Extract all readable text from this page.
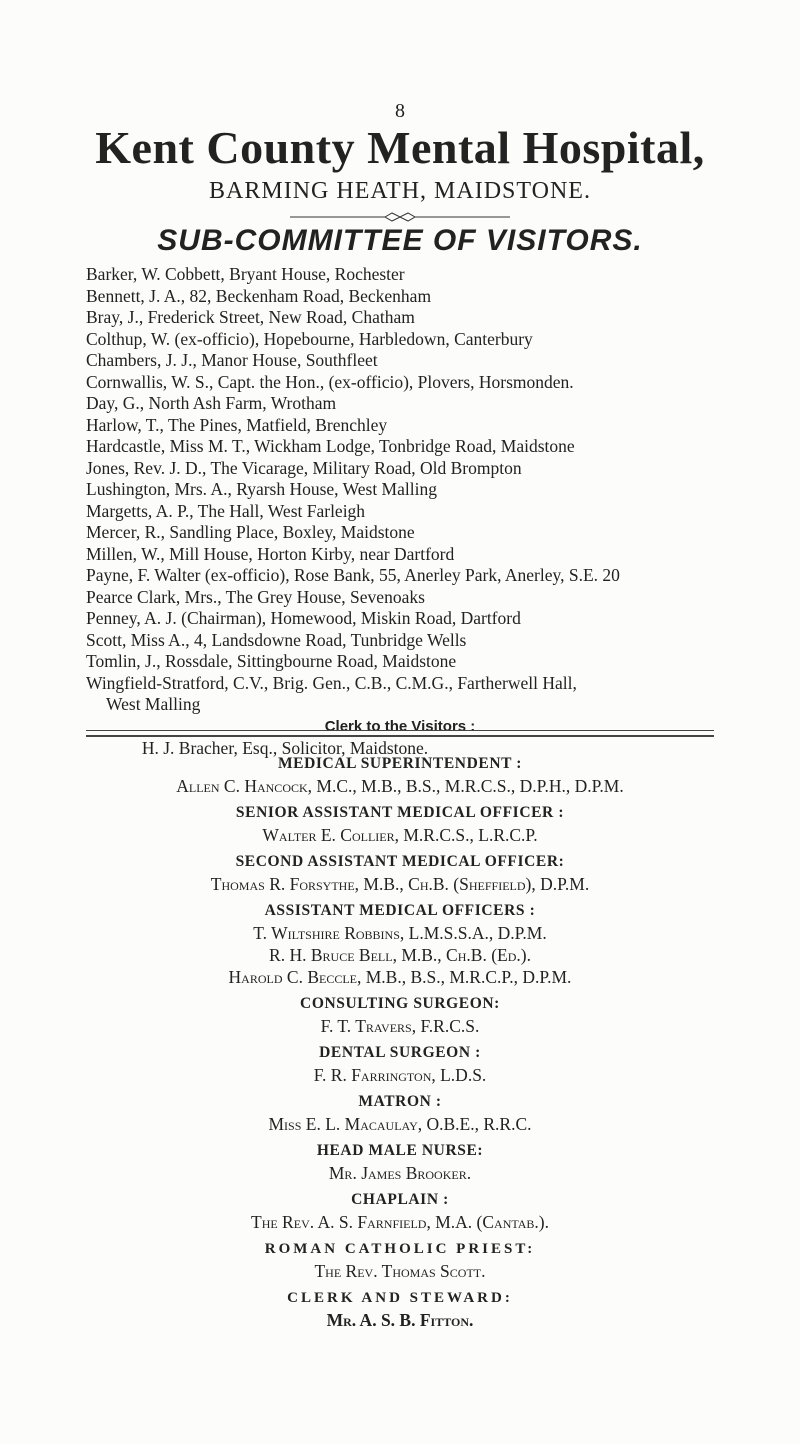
8
Kent County Mental Hospital,
BARMING HEATH, MAIDSTONE.
SUB-COMMITTEE OF VISITORS.
Barker, W. Cobbett, Bryant House, Rochester
Bennett, J. A., 82, Beckenham Road, Beckenham
Bray, J., Frederick Street, New Road, Chatham
Colthup, W. (ex-officio), Hopebourne, Harbledown, Canterbury
Chambers, J. J., Manor House, Southfleet
Cornwallis, W. S., Capt. the Hon., (ex-officio), Plovers, Horsmonden.
Day, G., North Ash Farm, Wrotham
Harlow, T., The Pines, Matfield, Brenchley
Hardcastle, Miss M. T., Wickham Lodge, Tonbridge Road, Maidstone
Jones, Rev. J. D., The Vicarage, Military Road, Old Brompton
Lushington, Mrs. A., Ryarsh House, West Malling
Margetts, A. P., The Hall, West Farleigh
Mercer, R., Sandling Place, Boxley, Maidstone
Millen, W., Mill House, Horton Kirby, near Dartford
Payne, F. Walter (ex-officio), Rose Bank, 55, Anerley Park, Anerley, S.E. 20
Pearce Clark, Mrs., The Grey House, Sevenoaks
Penney, A. J. (Chairman), Homewood, Miskin Road, Dartford
Scott, Miss A., 4, Landsdowne Road, Tunbridge Wells
Tomlin, J., Rossdale, Sittingbourne Road, Maidstone
Wingfield-Stratford, C.V., Brig. Gen., C.B., C.M.G., Fartherwell Hall,
West Malling
Clerk to the Visitors :
H. J. Bracher, Esq., Solicitor, Maidstone.
MEDICAL SUPERINTENDENT :
Allen C. Hancock, M.C., M.B., B.S., M.R.C.S., D.P.H., D.P.M.
SENIOR ASSISTANT MEDICAL OFFICER :
Walter E. Collier, M.R.C.S., L.R.C.P.
SECOND ASSISTANT MEDICAL OFFICER:
Thomas R. Forsythe, M.B., Ch.B. (Sheffield), D.P.M.
ASSISTANT MEDICAL OFFICERS :
T. Wiltshire Robbins, L.M.S.S.A., D.P.M.
R. H. Bruce Bell, M.B., Ch.B. (Ed.).
Harold C. Beccle, M.B., B.S., M.R.C.P., D.P.M.
CONSULTING SURGEON:
F. T. Travers, F.R.C.S.
DENTAL SURGEON :
F. R. Farrington, L.D.S.
MATRON :
Miss E. L. Macaulay, O.B.E., R.R.C.
HEAD MALE NURSE:
Mr. James Brooker.
CHAPLAIN :
The Rev. A. S. Farnfield, M.A. (Cantab.).
ROMAN CATHOLIC PRIEST:
The Rev. Thomas Scott.
CLERK AND STEWARD:
Mr. A. S. B. Fitton.
